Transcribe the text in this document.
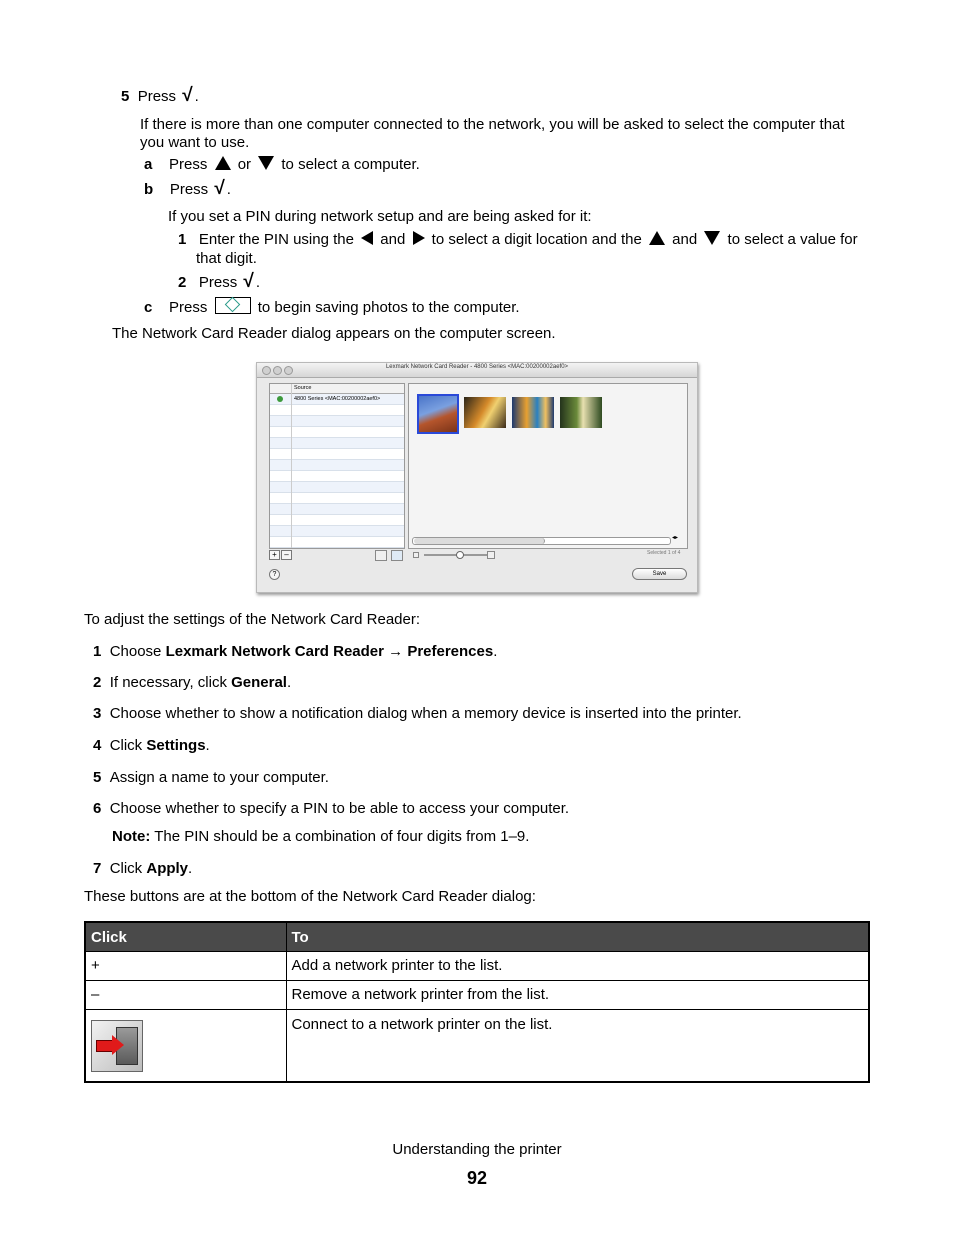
5 Press √ .
If there is more than one computer connected to the network, you will be asked to select the computer that
you want to use.
a Press or to select a computer.
b Press √ .
If you set a PIN during network setup and are being asked for it:
1 Enter the PIN using the and to select a digit location and the and to select a value for
that digit.
2 Press √ .
c Press	to begin saving photos to the computer.
The Network Card Reader dialog appears on the computer screen.
Lexmark Network Card Reader - 4800 Series <MAC:00200002aef0>
Source
4800 Series <MAC:00200002aef0>
◂▸
+ –	Selected 1 of 4
?	Save
To adjust the settings of the Network Card Reader:
1 Choose Lexmark Network Card Reader → Preferences.
2 If necessary, click General.
3 Choose whether to show a notification dialog when a memory device is inserted into the printer.
4 Click Settings.
5 Assign a name to your computer.
6 Choose whether to specify a PIN to be able to access your computer.
Note: The PIN should be a combination of four digits from 1–9.
7 Click Apply.
These buttons are at the bottom of the Network Card Reader dialog:
Click	To
+	Add a network printer to the list.
–	Remove a network printer from the list.

	Connect to a network printer on the list.
Understanding the printer
92
